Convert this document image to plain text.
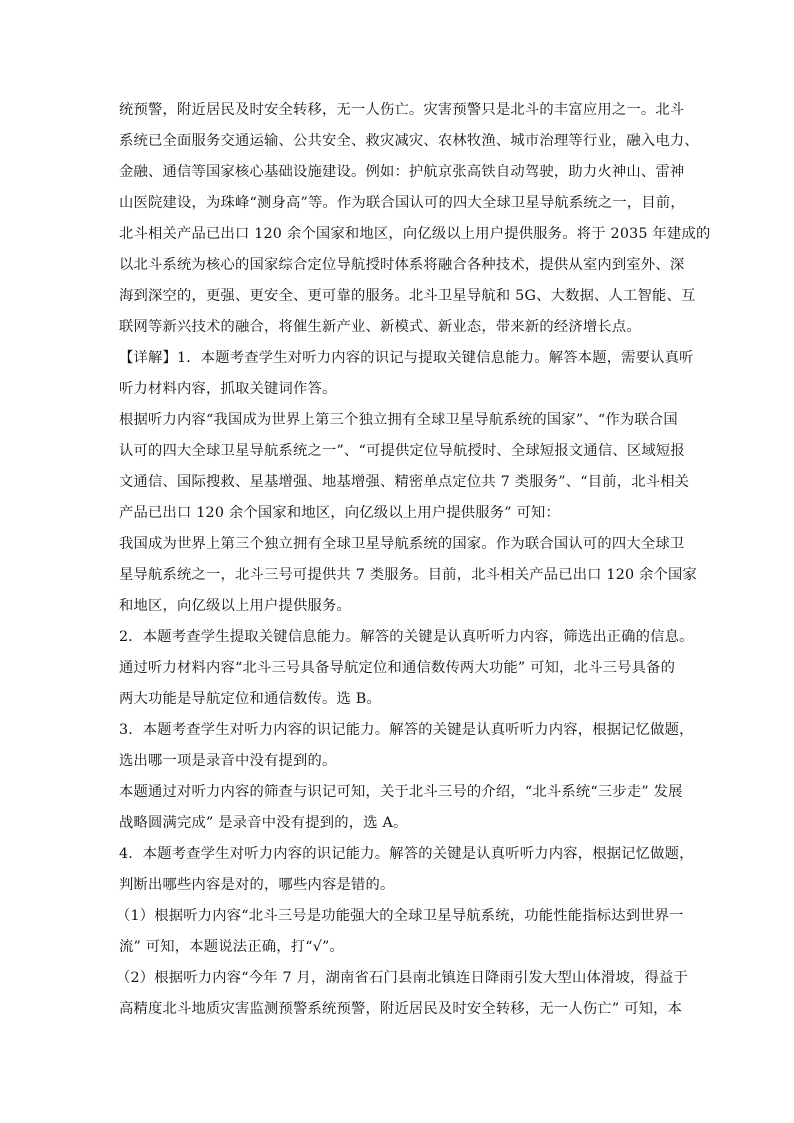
统预警，附近居民及时安全转移，无一人伤亡。灾害预警只是北斗的丰富应用之一。北斗
系统已全面服务交通运输、公共安全、救灾减灾、农林牧渔、城市治理等行业，融入电力、
金融、通信等国家核心基础设施建设。例如：护航京张高铁自动驾驶，助力火神山、雷神
山医院建设，为珠峰“测身高”等。作为联合国认可的四大全球卫星导航系统之一，目前，
北斗相关产品已出口 120 余个国家和地区，向亿级以上用户提供服务。将于 2035 年建成的
以北斗系统为核心的国家综合定位导航授时体系将融合各种技术，提供从室内到室外、深
海到深空的，更强、更安全、更可靠的服务。北斗卫星导航和 5G、大数据、人工智能、互
联网等新兴技术的融合，将催生新产业、新模式、新业态，带来新的经济增长点。
【详解】1．本题考查学生对听力内容的识记与提取关键信息能力。解答本题，需要认真听
听力材料内容，抓取关键词作答。
根据听力内容“我国成为世界上第三个独立拥有全球卫星导航系统的国家”、“作为联合国
认可的四大全球卫星导航系统之一”、“可提供定位导航授时、全球短报文通信、区域短报
文通信、国际搜救、星基增强、地基增强、精密单点定位共 7 类服务”、“目前，北斗相关
产品已出口 120 余个国家和地区，向亿级以上用户提供服务” 可知：
我国成为世界上第三个独立拥有全球卫星导航系统的国家。作为联合国认可的四大全球卫
星导航系统之一，北斗三号可提供共 7 类服务。目前，北斗相关产品已出口 120 余个国家
和地区，向亿级以上用户提供服务。
2．本题考查学生提取关键信息能力。解答的关键是认真听听力内容，筛选出正确的信息。
通过听力材料内容“北斗三号具备导航定位和通信数传两大功能” 可知，北斗三号具备的
两大功能是导航定位和通信数传。选 B。
3．本题考查学生对听力内容的识记能力。解答的关键是认真听听力内容，根据记忆做题，
选出哪一项是录音中没有提到的。
本题通过对听力内容的筛查与识记可知，关于北斗三号的介绍，“北斗系统“三步走” 发展
战略圆满完成” 是录音中没有提到的，选 A。
4．本题考查学生对听力内容的识记能力。解答的关键是认真听听力内容，根据记忆做题，
判断出哪些内容是对的，哪些内容是错的。
（1）根据听力内容“北斗三号是功能强大的全球卫星导航系统，功能性能指标达到世界一
流” 可知，本题说法正确，打“√”。
（2）根据听力内容“今年 7 月，湖南省石门县南北镇连日降雨引发大型山体滑坡，得益于
高精度北斗地质灾害监测预警系统预警，附近居民及时安全转移，无一人伤亡” 可知，本
